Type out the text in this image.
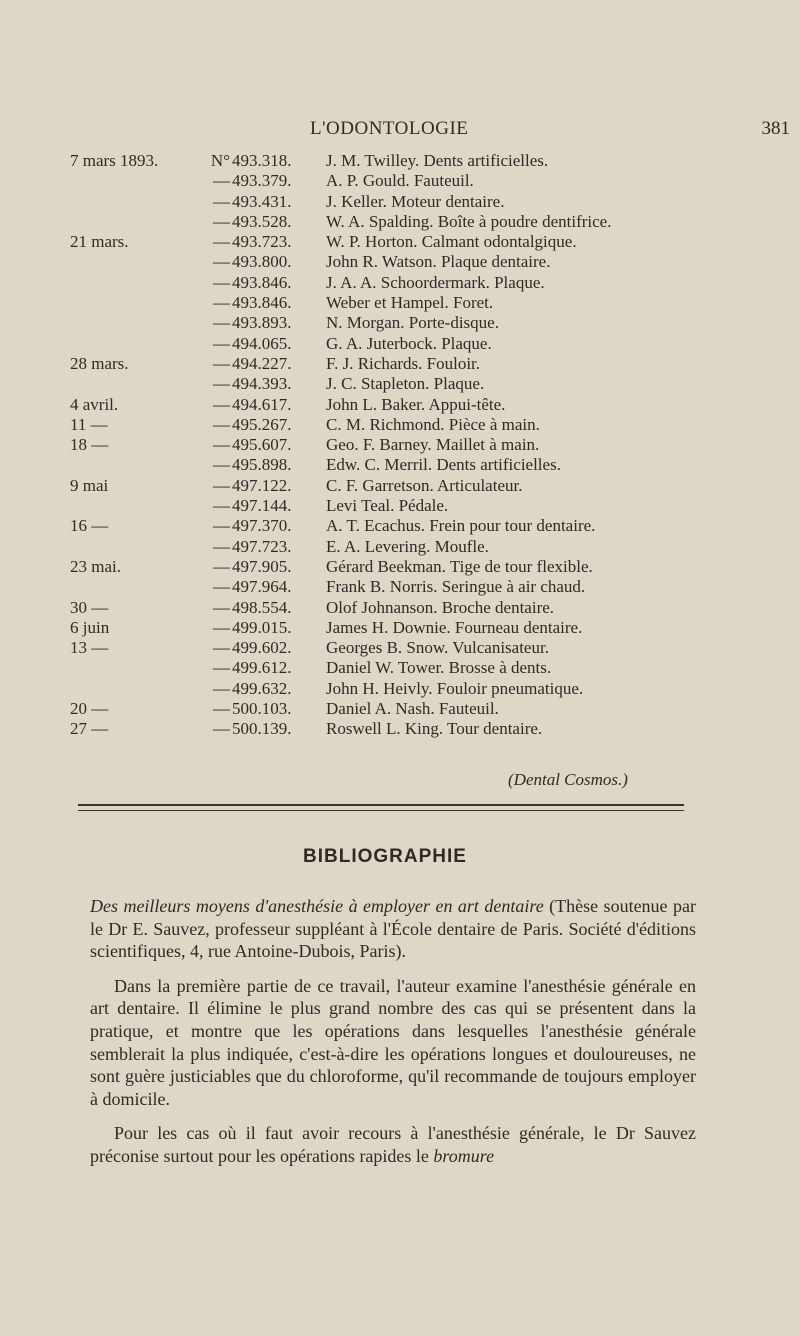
L'ODONTOLOGIE	381
7 mars 1893.	N° 493.318.	J. M. Twilley. Dents artificielles.
— 493.379.	A. P. Gould. Fauteuil.
— 493.431.	J. Keller. Moteur dentaire.
— 493.528.	W. A. Spalding. Boîte à poudre dentifrice.
21 mars.	— 493.723.	W. P. Horton. Calmant odontalgique.
— 493.800.	John R. Watson. Plaque dentaire.
— 493.846.	J. A. A. Schoordermark. Plaque.
— 493.846.	Weber et Hampel. Foret.
— 493.893.	N. Morgan. Porte-disque.
— 494.065.	G. A. Juterbock. Plaque.
28 mars.	— 494.227.	F. J. Richards. Fouloir.
— 494.393.	J. C. Stapleton. Plaque.
4 avril.	— 494.617.	John L. Baker. Appui-tête.
11 —	— 495.267.	C. M. Richmond. Pièce à main.
18 —	— 495.607.	Geo. F. Barney. Maillet à main.
— 495.898.	Edw. C. Merril. Dents artificielles.
9 mai	— 497.122.	C. F. Garretson. Articulateur.
— 497.144.	Levi Teal. Pédale.
16 —	— 497.370.	A. T. Ecachus. Frein pour tour dentaire.
— 497.723.	E. A. Levering. Moufle.
23 mai.	— 497.905.	Gérard Beekman. Tige de tour flexible.
— 497.964.	Frank B. Norris. Seringue à air chaud.
30 —	— 498.554.	Olof Johnanson. Broche dentaire.
6 juin	— 499.015.	James H. Downie. Fourneau dentaire.
13 —	— 499.602.	Georges B. Snow. Vulcanisateur.
— 499.612.	Daniel W. Tower. Brosse à dents.
— 499.632.	John H. Heivly. Fouloir pneumatique.
20 —	— 500.103.	Daniel A. Nash. Fauteuil.
27 —	— 500.139.	Roswell L. King. Tour dentaire.
(Dental Cosmos.)
BIBLIOGRAPHIE

Des meilleurs moyens d'anesthésie à employer en art dentaire (Thèse soutenue par le Dr E. Sauvez, professeur suppléant à l'École dentaire de Paris. Société d'éditions scientifiques, 4, rue Antoine-Dubois, Paris).

Dans la première partie de ce travail, l'auteur examine l'anesthésie générale en art dentaire. Il élimine le plus grand nombre des cas qui se présentent dans la pratique, et montre que les opérations dans lesquelles l'anesthésie générale semblerait la plus indiquée, c'est-à-dire les opérations longues et douloureuses, ne sont guère justiciables que du chloroforme, qu'il recommande de toujours employer à domicile.

Pour les cas où il faut avoir recours à l'anesthésie générale, le Dr Sauvez préconise surtout pour les opérations rapides le bromure
